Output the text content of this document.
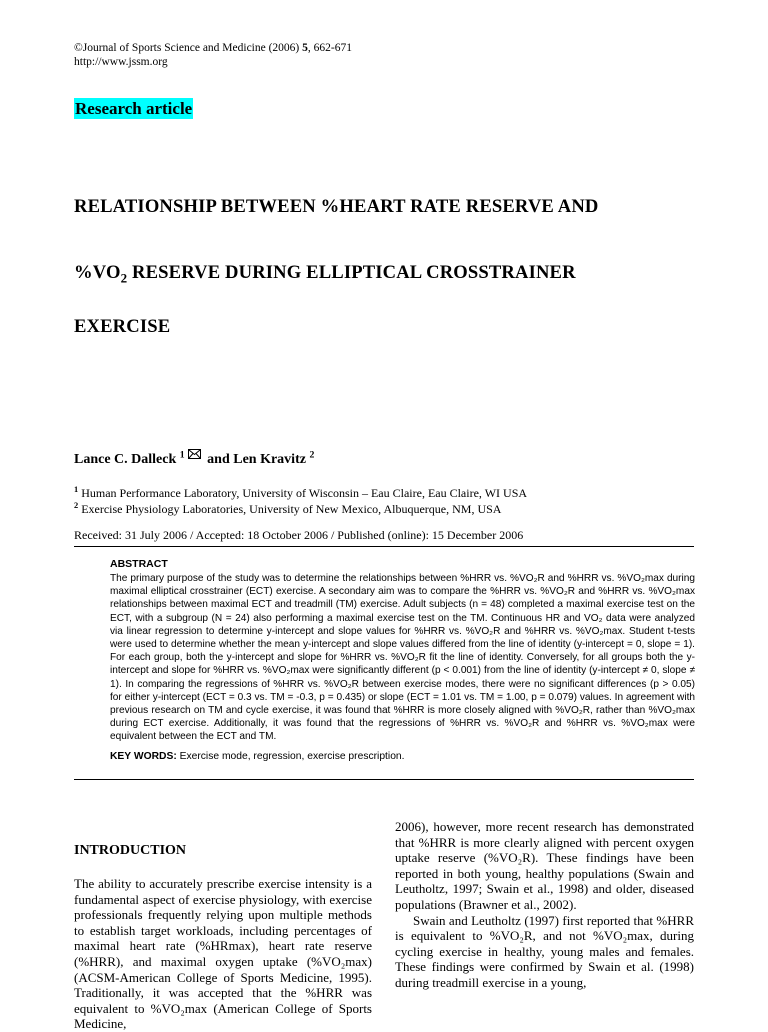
©Journal of Sports Science and Medicine (2006) 5, 662-671
http://www.jssm.org
Research article
RELATIONSHIP BETWEEN %HEART RATE RESERVE AND
$\%VO_2$ RESERVE DURING ELLIPTICAL CROSSTRAINER
EXERCISE
Lance C. Dalleck $^1$
and Len Kravitz $^2$
$^1$ Human Performance Laboratory, University of Wisconsin – Eau Claire, Eau Claire, WI USA
$^2$ Exercise Physiology Laboratories, University of New Mexico, Albuquerque, NM, USA
Received: 31 July 2006 / Accepted: 18 October 2006 / Published (online): 15 December 2006
ABSTRACT
The primary purpose of the study was to determine the relationships between %HRR vs. %VO₂R and %HRR vs. %VO₂max during maximal elliptical crosstrainer (ECT) exercise. A secondary aim was to compare the %HRR vs. %VO₂R and %HRR vs. %VO₂max relationships between maximal ECT and treadmill (TM) exercise. Adult subjects (n = 48) completed a maximal exercise test on the ECT, with a subgroup (N = 24) also performing a maximal exercise test on the TM. Continuous HR and VO₂ data were analyzed via linear regression to determine y-intercept and slope values for %HRR vs. %VO₂R and %HRR vs. %VO₂max. Student t-tests were used to determine whether the mean y-intercept and slope values differed from the line of identity (y-intercept = 0, slope = 1). For each group, both the y-intercept and slope for %HRR vs. %VO₂R fit the line of identity. Conversely, for all groups both the y-intercept and slope for %HRR vs. %VO₂max were significantly different (p < 0.001) from the line of identity (y-intercept ≠ 0, slope ≠ 1). In comparing the regressions of %HRR vs. %VO₂R between exercise modes, there were no significant differences (p > 0.05) for either y-intercept (ECT = 0.3 vs. TM = -0.3, p = 0.435) or slope (ECT = 1.01 vs. TM = 1.00, p = 0.079) values. In agreement with previous research on TM and cycle exercise, it was found that %HRR is more closely aligned with %VO₂R, rather than %VO₂max during ECT exercise. Additionally, it was found that the regressions of %HRR vs. %VO₂R and %HRR vs. %VO₂max were equivalent between the ECT and TM.
KEY WORDS: Exercise mode, regression, exercise prescription.
INTRODUCTION
The ability to accurately prescribe exercise intensity is a fundamental aspect of exercise physiology, with exercise professionals frequently relying upon multiple methods to establish target workloads, including percentages of maximal heart rate (%HRmax), heart rate reserve (%HRR), and maximal oxygen uptake (%VO₂max) (ACSM-American College of Sports Medicine, 1995). Traditionally, it was accepted that the %HRR was equivalent to %VO₂max (American College of Sports Medicine,
2006), however, more recent research has demonstrated that %HRR is more clearly aligned with percent oxygen uptake reserve (%VO₂R). These findings have been reported in both young, healthy populations (Swain and Leutholtz, 1997; Swain et al., 1998) and older, diseased populations (Brawner et al., 2002).
Swain and Leutholtz (1997) first reported that %HRR is equivalent to %VO₂R, and not %VO₂max, during cycling exercise in healthy, young males and females. These findings were confirmed by Swain et al. (1998) during treadmill exercise in a young,
